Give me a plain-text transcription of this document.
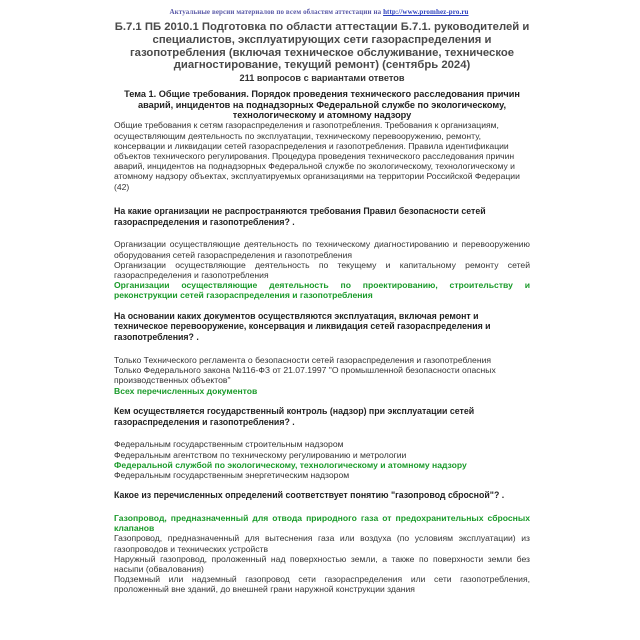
Актуальные версии материалов по всем областям аттестации на http://www.promhez-pro.ru
Б.7.1 ПБ 2010.1 Подготовка по области аттестации Б.7.1. руководителей и специалистов, эксплуатирующих сети газораспределения и газопотребления (включая техническое обслуживание, техническое диагностирование, текущий ремонт) (сентябрь 2024)
211 вопросов с вариантами ответов
Тема 1. Общие требования. Порядок проведения технического расследования причин аварий, инцидентов на поднадзорных Федеральной службе по экологическому, технологическому и атомному надзору
Общие требования к сетям газораспределения и газопотребления. Требования к организациям, осуществляющим деятельность по эксплуатации, техническому перевооружению, ремонту, консервации и ликвидации сетей газораспределения и газопотребления. Правила идентификации объектов технического регулирования. Процедура проведения технического расследования причин аварий, инцидентов на поднадзорных Федеральной службе по экологическому, технологическому и атомному надзору объектах, эксплуатируемых организациями на территории Российской Федерации (42)
На какие организации не распространяются требования Правил безопасности сетей газораспределения и газопотребления? .
Организации осуществляющие деятельность по техническому диагностированию и перевооружению оборудования сетей газораспределения и газопотребления
Организации осуществляющие деятельность по текущему и капитальному ремонту сетей газораспределения и газопотребления
Организации осуществляющие деятельность по проектированию, строительству и реконструкции сетей газораспределения и газопотребления
На основании каких документов осуществляются эксплуатация, включая ремонт и техническое перевооружение, консервация и ликвидация сетей газораспределения и газопотребления? .
Только Технического регламента о безопасности сетей газораспределения и газопотребления
Только Федерального закона №116-ФЗ от 21.07.1997 "О промышленной безопасности опасных производственных объектов"
Всех перечисленных документов
Кем осуществляется государственный контроль (надзор) при эксплуатации сетей газораспределения и газопотребления? .
Федеральным государственным строительным надзором
Федеральным агентством по техническому регулированию и метрологии
Федеральной службой по экологическому, технологическому и атомному надзору
Федеральным государственным энергетическим надзором
Какое из перечисленных определений соответствует понятию "газопровод сбросной"? .
Газопровод, предназначенный для отвода природного газа от предохранительных сбросных клапанов
Газопровод, предназначенный для вытеснения газа или воздуха (по условиям эксплуатации) из газопроводов и технических устройств
Наружный газопровод, проложенный над поверхностью земли, а также по поверхности земли без насыпи (обвалования)
Подземный или надземный газопровод сети газораспределения или сети газопотребления, проложенный вне зданий, до внешней грани наружной конструкции здания
